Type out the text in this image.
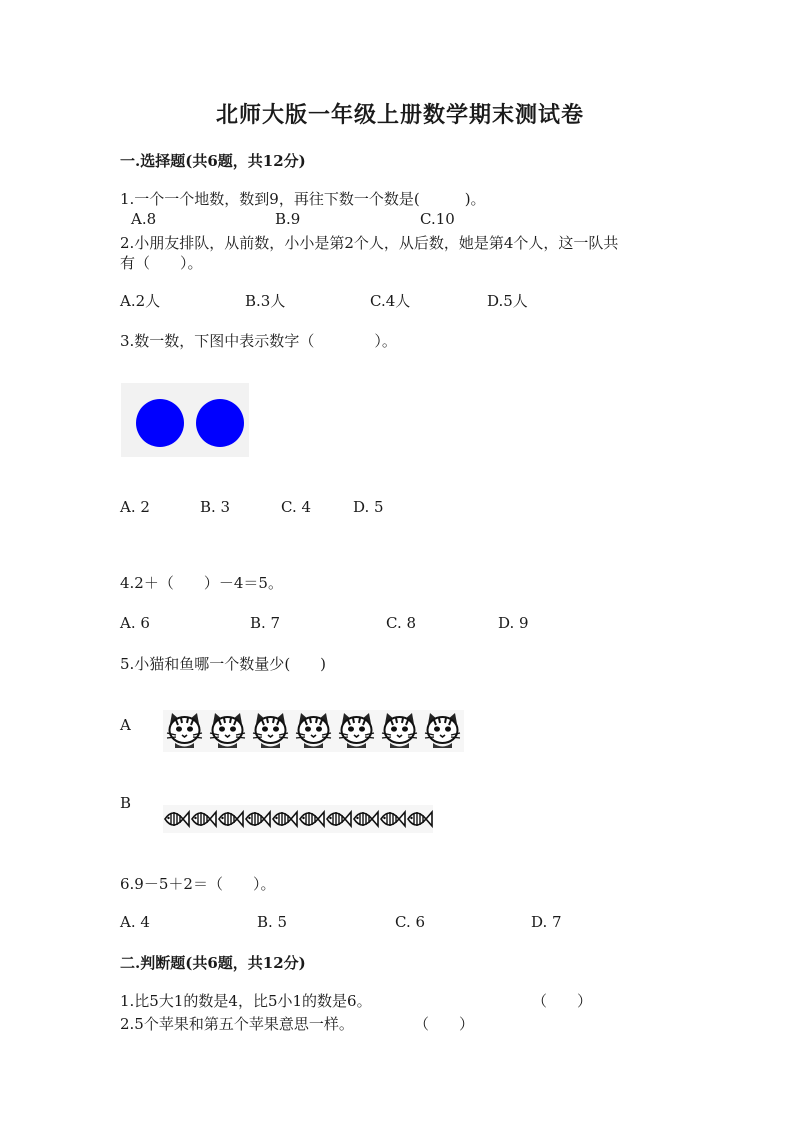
北师大版一年级上册数学期末测试卷
一.选择题(共6题，共12分)
1.一个一个地数，数到9，再往下数一个数是(　　　)。
A.8	B.9	C.10
2.小朋友排队，从前数，小小是第2个人，从后数，她是第4个人，这一队共
有（　　）。
A.2人	B.3人	C.4人	D.5人
3.数一数，下图中表示数字（　　　　）。
A. 2	B. 3	C. 4	D. 5
4.2＋（　　）－4＝5。
A. 6	B. 7	C. 8	D. 9
5.小猫和鱼哪一个数量少(　　)
A
B
6.9－5＋2＝（　　）。
A. 4	B. 5	C. 6	D. 7
二.判断题(共6题，共12分)
1.比5大1的数是4，比5小1的数是6。	（　　）
2.5个苹果和第五个苹果意思一样。	（　　）
